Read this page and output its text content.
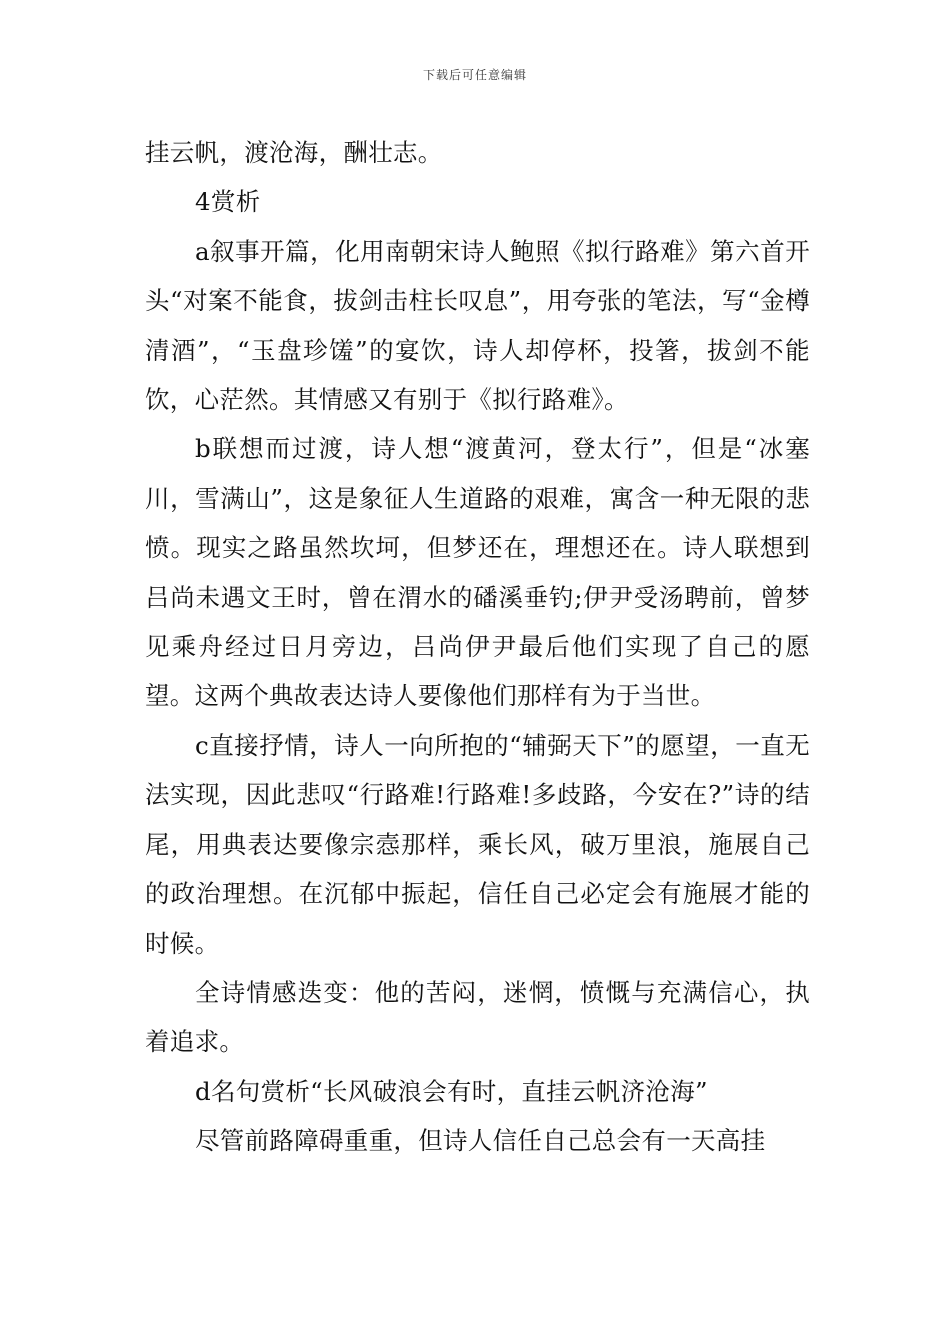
下载后可任意编辑

挂云帆，渡沧海，酬壮志。

4赏析

a叙事开篇，化用南朝宋诗人鲍照《拟行路难》第六首开头“对案不能食，拔剑击柱长叹息”，用夸张的笔法，写“金樽清酒”，“玉盘珍馐”的宴饮，诗人却停杯，投箸，拔剑不能饮，心茫然。其情感又有别于《拟行路难》。

b联想而过渡，诗人想“渡黄河，登太行”，但是“冰塞川，雪满山”，这是象征人生道路的艰难，寓含一种无限的悲愤。现实之路虽然坎坷，但梦还在，理想还在。诗人联想到吕尚未遇文王时，曾在渭水的磻溪垂钓;伊尹受汤聘前，曾梦见乘舟经过日月旁边，吕尚伊尹最后他们实现了自己的愿望。这两个典故表达诗人要像他们那样有为于当世。

c直接抒情，诗人一向所抱的“辅弼天下”的愿望，一直无法实现，因此悲叹“行路难!行路难!多歧路，今安在?”诗的结尾，用典表达要像宗悫那样，乘长风，破万里浪，施展自己的政治理想。在沉郁中振起，信任自己必定会有施展才能的时候。

全诗情感迭变：他的苦闷，迷惘，愤慨与充满信心，执着追求。

d名句赏析“长风破浪会有时，直挂云帆济沧海”

尽管前路障碍重重，但诗人信任自己总会有一天高挂
